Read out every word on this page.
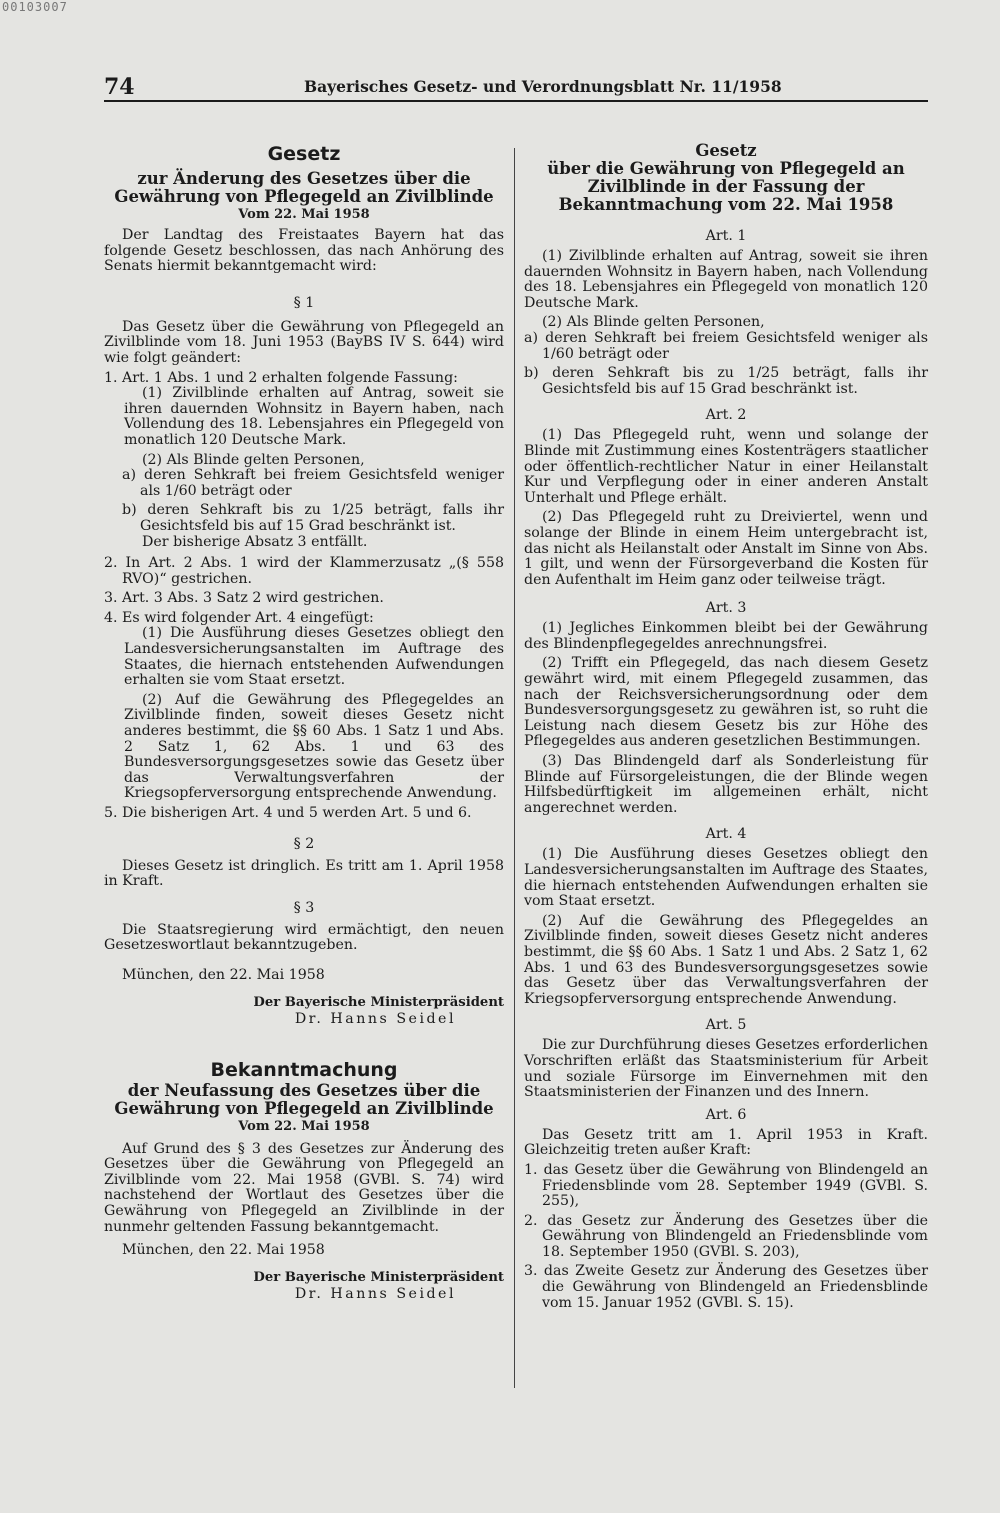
00103007
74	Bayerisches Gesetz- und Verordnungsblatt Nr. 11/1958
Gesetz
zur Änderung des Gesetzes über die Gewährung von Pflegegeld an Zivilblinde
Vom 22. Mai 1958

Der Landtag des Freistaates Bayern hat das folgende Gesetz beschlossen, das nach Anhörung des Senats hiermit bekanntgemacht wird:

§ 1

Das Gesetz über die Gewährung von Pflegegeld an Zivilblinde vom 18. Juni 1953 (BayBS IV S. 644) wird wie folgt geändert:

1. Art. 1 Abs. 1 und 2 erhalten folgende Fassung:

(1) Zivilblinde erhalten auf Antrag, soweit sie ihren dauernden Wohnsitz in Bayern haben, nach Vollendung des 18. Lebensjahres ein Pflegegeld von monatlich 120 Deutsche Mark.

(2) Als Blinde gelten Personen,

a) deren Sehkraft bei freiem Gesichtsfeld weniger als 1/60 beträgt oder

b) deren Sehkraft bis zu 1/25 beträgt, falls ihr Gesichtsfeld bis auf 15 Grad beschränkt ist.

Der bisherige Absatz 3 entfällt.

2. In Art. 2 Abs. 1 wird der Klammerzusatz „(§ 558 RVO)“ gestrichen.

3. Art. 3 Abs. 3 Satz 2 wird gestrichen.

4. Es wird folgender Art. 4 eingefügt:

(1) Die Ausführung dieses Gesetzes obliegt den Landesversicherungsanstalten im Auftrage des Staates, die hiernach entstehenden Aufwendungen erhalten sie vom Staat ersetzt.

(2) Auf die Gewährung des Pflegegeldes an Zivilblinde finden, soweit dieses Gesetz nicht anderes bestimmt, die §§ 60 Abs. 1 Satz 1 und Abs. 2 Satz 1, 62 Abs. 1 und 63 des Bundesversorgungsgesetzes sowie das Gesetz über das Verwaltungsverfahren der Kriegsopferversorgung entsprechende Anwendung.

5. Die bisherigen Art. 4 und 5 werden Art. 5 und 6.

§ 2

Dieses Gesetz ist dringlich. Es tritt am 1. April 1958 in Kraft.

§ 3

Die Staatsregierung wird ermächtigt, den neuen Gesetzeswortlaut bekanntzugeben.

München, den 22. Mai 1958

Der Bayerische Ministerpräsident
Dr. Hanns Seidel
Bekanntmachung
der Neufassung des Gesetzes über die Gewährung von Pflegegeld an Zivilblinde
Vom 22. Mai 1958

Auf Grund des § 3 des Gesetzes zur Änderung des Gesetzes über die Gewährung von Pflegegeld an Zivilblinde vom 22. Mai 1958 (GVBl. S. 74) wird nachstehend der Wortlaut des Gesetzes über die Gewährung von Pflegegeld an Zivilblinde in der nunmehr geltenden Fassung bekanntgemacht.

München, den 22. Mai 1958

Der Bayerische Ministerpräsident
Dr. Hanns Seidel
Gesetz
über die Gewährung von Pflegegeld an Zivilblinde in der Fassung der Bekanntmachung vom 22. Mai 1958
Art. 1

(1) Zivilblinde erhalten auf Antrag, soweit sie ihren dauernden Wohnsitz in Bayern haben, nach Vollendung des 18. Lebensjahres ein Pflegegeld von monatlich 120 Deutsche Mark.

(2) Als Blinde gelten Personen,

a) deren Sehkraft bei freiem Gesichtsfeld weniger als 1/60 beträgt oder

b) deren Sehkraft bis zu 1/25 beträgt, falls ihr Gesichtsfeld bis auf 15 Grad beschränkt ist.

Art. 2

(1) Das Pflegegeld ruht, wenn und solange der Blinde mit Zustimmung eines Kostenträgers staatlicher oder öffentlich-rechtlicher Natur in einer Heilanstalt Kur und Verpflegung oder in einer anderen Anstalt Unterhalt und Pflege erhält.

(2) Das Pflegegeld ruht zu Dreiviertel, wenn und solange der Blinde in einem Heim untergebracht ist, das nicht als Heilanstalt oder Anstalt im Sinne von Abs. 1 gilt, und wenn der Fürsorgeverband die Kosten für den Aufenthalt im Heim ganz oder teilweise trägt.

Art. 3

(1) Jegliches Einkommen bleibt bei der Gewährung des Blindenpflegegeldes anrechnungsfrei.

(2) Trifft ein Pflegegeld, das nach diesem Gesetz gewährt wird, mit einem Pflegegeld zusammen, das nach der Reichsversicherungsordnung oder dem Bundesversorgungsgesetz zu gewähren ist, so ruht die Leistung nach diesem Gesetz bis zur Höhe des Pflegegeldes aus anderen gesetzlichen Bestimmungen.

(3) Das Blindengeld darf als Sonderleistung für Blinde auf Fürsorgeleistungen, die der Blinde wegen Hilfsbedürftigkeit im allgemeinen erhält, nicht angerechnet werden.

Art. 4

(1) Die Ausführung dieses Gesetzes obliegt den Landesversicherungsanstalten im Auftrage des Staates, die hiernach entstehenden Aufwendungen erhalten sie vom Staat ersetzt.

(2) Auf die Gewährung des Pflegegeldes an Zivilblinde finden, soweit dieses Gesetz nicht anderes bestimmt, die §§ 60 Abs. 1 Satz 1 und Abs. 2 Satz 1, 62 Abs. 1 und 63 des Bundesversorgungsgesetzes sowie das Gesetz über das Verwaltungsverfahren der Kriegsopferversorgung entsprechende Anwendung.

Art. 5

Die zur Durchführung dieses Gesetzes erforderlichen Vorschriften erläßt das Staatsministerium für Arbeit und soziale Fürsorge im Einvernehmen mit den Staatsministerien der Finanzen und des Innern.

Art. 6

Das Gesetz tritt am 1. April 1953 in Kraft. Gleichzeitig treten außer Kraft:

1. das Gesetz über die Gewährung von Blindengeld an Friedensblinde vom 28. September 1949 (GVBl. S. 255),

2. das Gesetz zur Änderung des Gesetzes über die Gewährung von Blindengeld an Friedensblinde vom 18. September 1950 (GVBl. S. 203),

3. das Zweite Gesetz zur Änderung des Gesetzes über die Gewährung von Blindengeld an Friedensblinde vom 15. Januar 1952 (GVBl. S. 15).
